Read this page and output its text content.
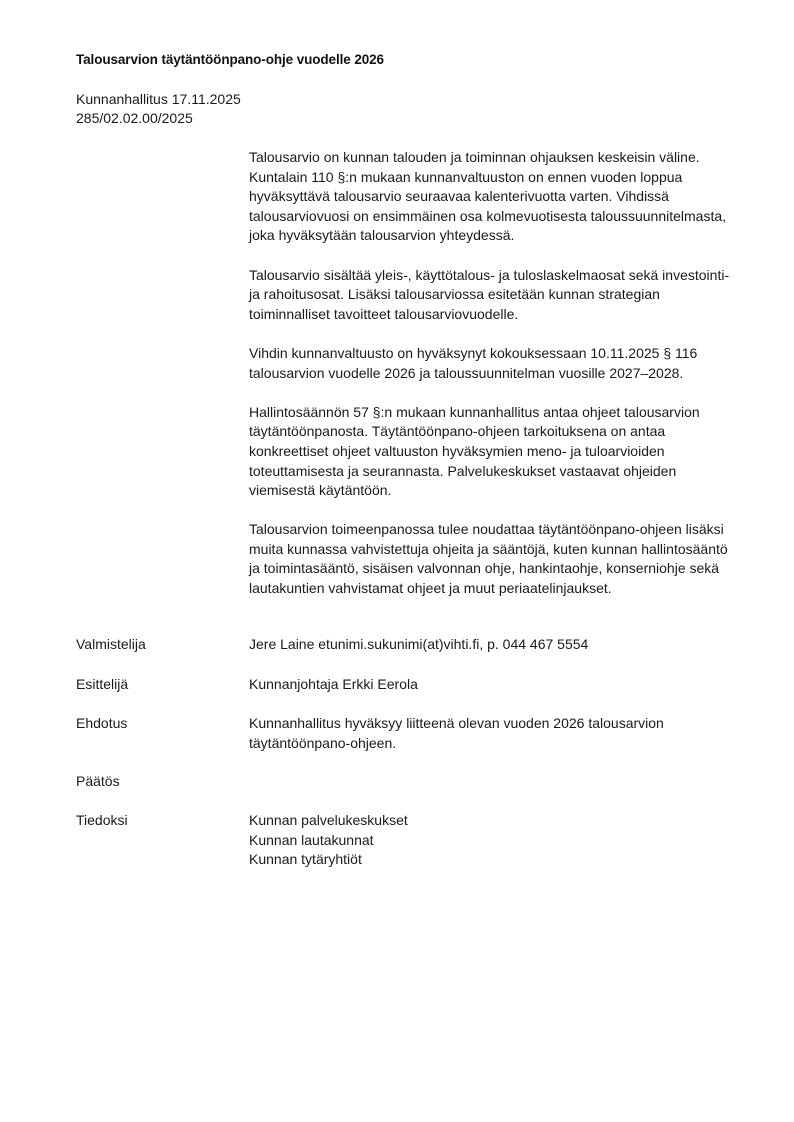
Talousarvion täytäntöönpano-ohje vuodelle 2026
Kunnanhallitus 17.11.2025
285/02.02.00/2025

Talousarvio on kunnan talouden ja toiminnan ohjauksen keskeisin väline. Kuntalain 110 §:n mukaan kunnanvaltuuston on ennen vuoden loppua hyväksyttävä talousarvio seuraavaa kalenterivuotta varten. Vihdissä talousarviovuosi on ensimmäinen osa kolmevuotisesta taloussuunnitelmasta, joka hyväksytään talousarvion yhteydessä.

Talousarvio sisältää yleis-, käyttötalous- ja tuloslaskelmaosat sekä investointi- ja rahoitusosat. Lisäksi talousarviossa esitetään kunnan strategian toiminnalliset tavoitteet talousarviovuodelle.

Vihdin kunnanvaltuusto on hyväksynyt kokouksessaan 10.11.2025 § 116 talousarvion vuodelle 2026 ja taloussuunnitelman vuosille 2027–2028.

Hallintosäännön 57 §:n mukaan kunnanhallitus antaa ohjeet talousarvion täytäntöönpanosta. Täytäntöönpano-ohjeen tarkoituksena on antaa konkreettiset ohjeet valtuuston hyväksymien meno- ja tuloarvioiden toteuttamisesta ja seurannasta. Palvelukeskukset vastaavat ohjeiden viemisestä käytäntöön.

Talousarvion toimeenpanossa tulee noudattaa täytäntöönpano-ohjeen lisäksi muita kunnassa vahvistettuja ohjeita ja sääntöjä, kuten kunnan hallintosääntö ja toimintasääntö, sisäisen valvonnan ohje, hankintaohje, konserniohje sekä lautakuntien vahvistamat ohjeet ja muut periaatelinjaukset.

Valmistelija	Jere Laine etunimi.sukunimi(at)vihti.fi, p. 044 467 5554
Esittelijä	Kunnanjohtaja Erkki Eerola
Ehdotus	Kunnanhallitus hyväksyy liitteenä olevan vuoden 2026 talousarvion täytäntöönpano-ohjeen.
Päätös
Tiedoksi	Kunnan palvelukeskukset
Kunnan lautakunnat
Kunnan tytäryhtiöt
